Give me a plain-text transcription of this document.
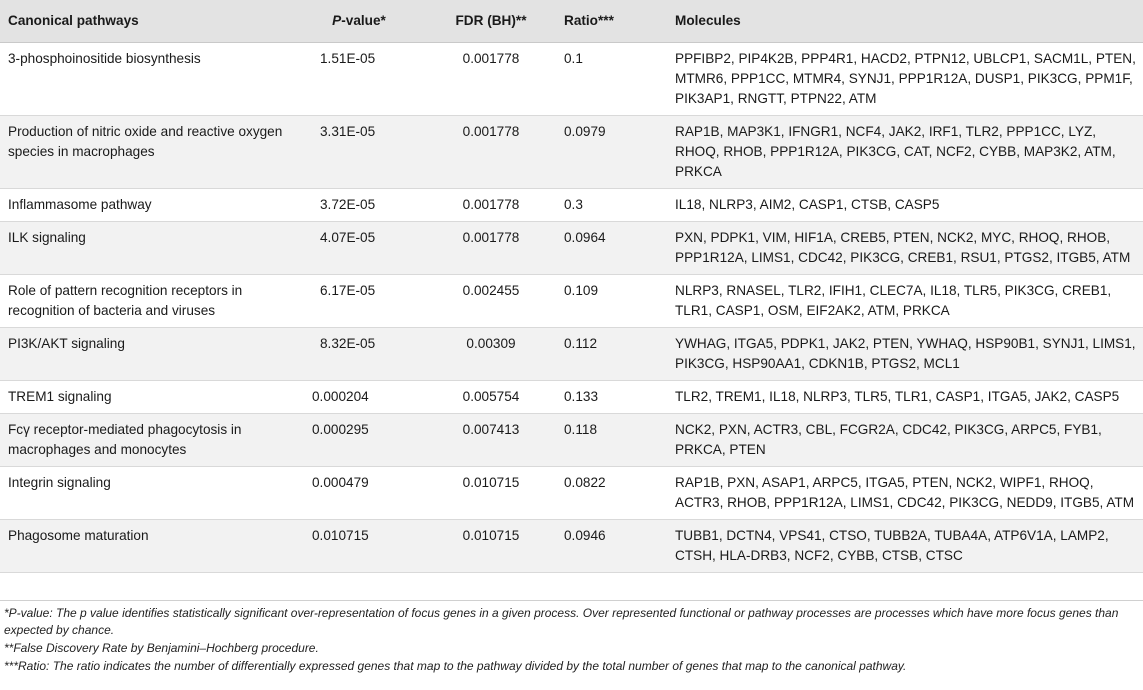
Canonical pathways	P-value*	FDR (BH)**	Ratio***	Molecules
3-phosphoinositide biosynthesis	1.51E-05	0.001778	0.1	PPFIBP2, PIP4K2B, PPP4R1, HACD2, PTPN12, UBLCP1, SACM1L, PTEN, MTMR6, PPP1CC, MTMR4, SYNJ1, PPP1R12A, DUSP1, PIK3CG, PPM1F, PIK3AP1, RNGTT, PTPN22, ATM
Production of nitric oxide and reactive oxygen species in macrophages	3.31E-05	0.001778	0.0979	RAP1B, MAP3K1, IFNGR1, NCF4, JAK2, IRF1, TLR2, PPP1CC, LYZ, RHOQ, RHOB, PPP1R12A, PIK3CG, CAT, NCF2, CYBB, MAP3K2, ATM, PRKCA
Inflammasome pathway	3.72E-05	0.001778	0.3	IL18, NLRP3, AIM2, CASP1, CTSB, CASP5
ILK signaling	4.07E-05	0.001778	0.0964	PXN, PDPK1, VIM, HIF1A, CREB5, PTEN, NCK2, MYC, RHOQ, RHOB, PPP1R12A, LIMS1, CDC42, PIK3CG, CREB1, RSU1, PTGS2, ITGB5, ATM
Role of pattern recognition receptors in recognition of bacteria and viruses	6.17E-05	0.002455	0.109	NLRP3, RNASEL, TLR2, IFIH1, CLEC7A, IL18, TLR5, PIK3CG, CREB1, TLR1, CASP1, OSM, EIF2AK2, ATM, PRKCA
PI3K/AKT signaling	8.32E-05	0.00309	0.112	YWHAG, ITGA5, PDPK1, JAK2, PTEN, YWHAQ, HSP90B1, SYNJ1, LIMS1, PIK3CG, HSP90AA1, CDKN1B, PTGS2, MCL1
TREM1 signaling	0.000204	0.005754	0.133	TLR2, TREM1, IL18, NLRP3, TLR5, TLR1, CASP1, ITGA5, JAK2, CASP5
Fcγ receptor-mediated phagocytosis in macrophages and monocytes	0.000295	0.007413	0.118	NCK2, PXN, ACTR3, CBL, FCGR2A, CDC42, PIK3CG, ARPC5, FYB1, PRKCA, PTEN
Integrin signaling	0.000479	0.010715	0.0822	RAP1B, PXN, ASAP1, ARPC5, ITGA5, PTEN, NCK2, WIPF1, RHOQ, ACTR3, RHOB, PPP1R12A, LIMS1, CDC42, PIK3CG, NEDD9, ITGB5, ATM
Phagosome maturation	0.010715	0.010715	0.0946	TUBB1, DCTN4, VPS41, CTSO, TUBB2A, TUBA4A, ATP6V1A, LAMP2, CTSH, HLA-DRB3, NCF2, CYBB, CTSB, CTSC

*P-value: The p value identifies statistically significant over-representation of focus genes in a given process. Over represented functional or pathway processes are processes which have more focus genes than expected by chance.

**False Discovery Rate by Benjamini–Hochberg procedure.

***Ratio: The ratio indicates the number of differentially expressed genes that map to the pathway divided by the total number of genes that map to the canonical pathway.
